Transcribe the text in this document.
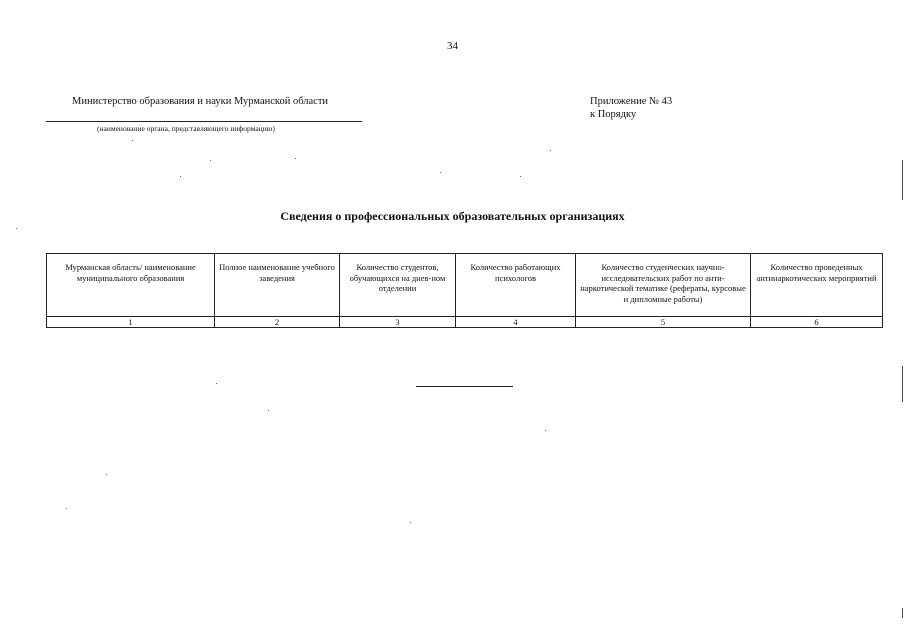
34
Министерство образования и науки Мурманской области
(наименование органа, представляющего информацию)
Приложение № 43
к Порядку
Сведения о профессиональных образовательных организациях
Мурманская область/ наименование муниципального образования	Полное наименование учебного заведения	Количество студентов, обучающихся на днев-ном отделении	Количество работающих психологов	Количество студенческих научно-исследовательских работ по анти-наркотической тематике (рефераты, курсовые и дипломные работы)	Количество проведенных антинаркотических мероприятий
1	2	3	4	5	6
